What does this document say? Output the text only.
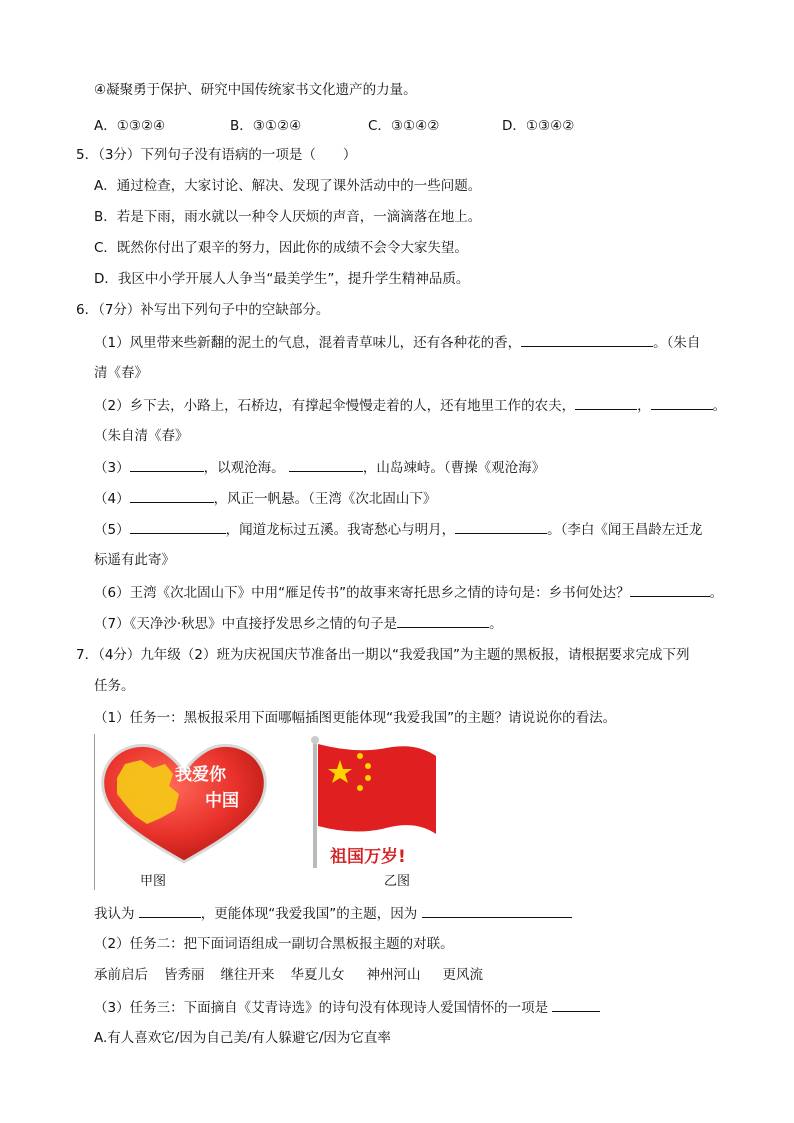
④凝聚勇于保护、研究中国传统家书文化遗产的力量。
A．①③②④	B．③①②④	C．③①④②	D．①③④②
5．（3分）下列句子没有语病的一项是（　　）
A．通过检查，大家讨论、解决、发现了课外活动中的一些问题。
B．若是下雨，雨水就以一种令人厌烦的声音，一滴滴落在地上。
C．既然你付出了艰辛的努力，因此你的成绩不会令大家失望。
D．我区中小学开展人人争当“最美学生”，提升学生精神品质。
6．（7分）补写出下列句子中的空缺部分。
（1）风里带来些新翻的泥土的气息，混着青草味儿，还有各种花的香，	。（朱自
清《春》
（2）乡下去，小路上，石桥边，有撑起伞慢慢走着的人，还有地里工作的农夫，	，	。
（朱自清《春》
（3）	，以观沧海。	，山岛竦峙。（曹操《观沧海》
（4）	，风正一帆悬。（王湾《次北固山下》
（5）	，闻道龙标过五溪。我寄愁心与明月，	。（李白《闻王昌龄左迁龙
标遥有此寄》
（6）王湾《次北固山下》中用“雁足传书”的故事来寄托思乡之情的诗句是：乡书何处达？	。
（7）《天净沙·秋思》中直接抒发思乡之情的句子是	。
7．（4分）九年级（2）班为庆祝国庆节准备出一期以“我爱我国”为主题的黑板报，请根据要求完成下列
任务。
（1）任务一：黑板报采用下面哪幅插图更能体现“我爱我国”的主题？请说说你的看法。
我爱你
中国
甲图
祖国万岁!
乙图
我认为	，更能体现“我爱我国”的主题，因为
（2）任务二：把下面词语组成一副切合黑板报主题的对联。
承前启后 皆秀丽 继往开来 华夏儿女 神州河山 更风流
（3）任务三：下面摘自《艾青诗选》的诗句没有体现诗人爱国情怀的一项是
A.有人喜欢它/因为自己美/有人躲避它/因为它直率
